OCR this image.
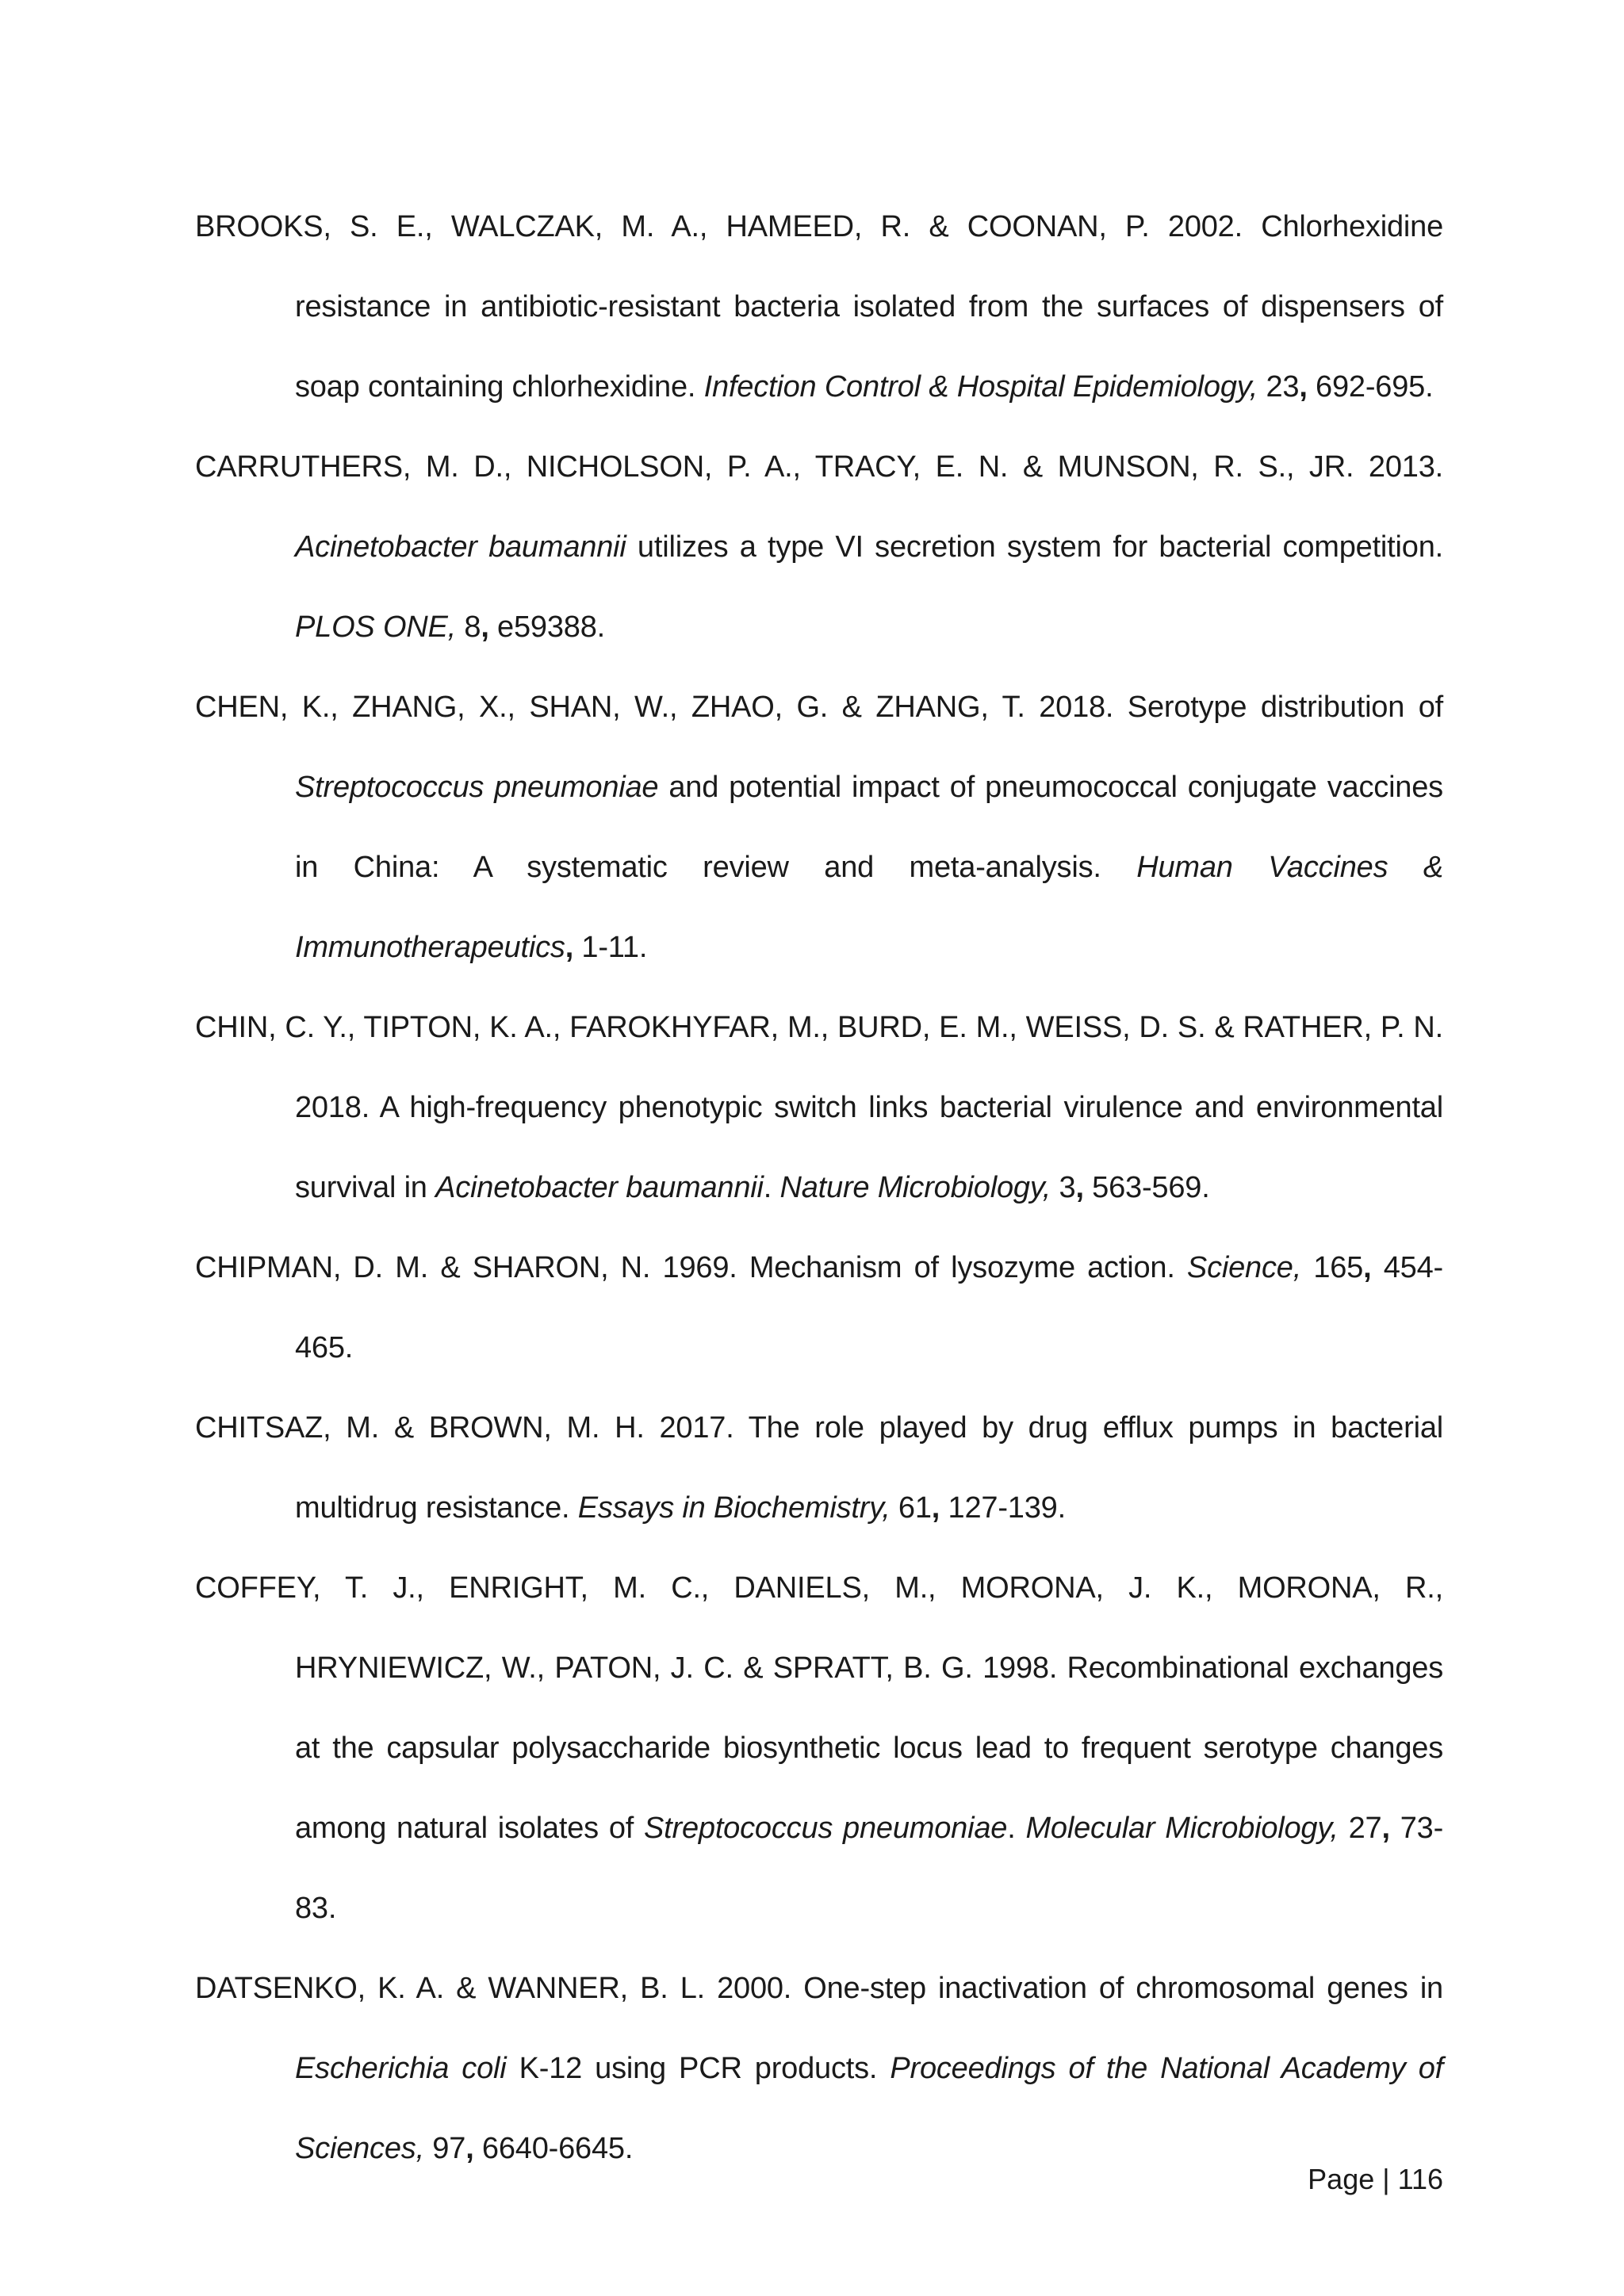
BROOKS, S. E., WALCZAK, M. A., HAMEED, R. & COONAN, P. 2002. Chlorhexidine resistance in antibiotic-resistant bacteria isolated from the surfaces of dispensers of soap containing chlorhexidine. Infection Control & Hospital Epidemiology, 23, 692-695.

CARRUTHERS, M. D., NICHOLSON, P. A., TRACY, E. N. & MUNSON, R. S., JR. 2013. Acinetobacter baumannii utilizes a type VI secretion system for bacterial competition. PLOS ONE, 8, e59388.

CHEN, K., ZHANG, X., SHAN, W., ZHAO, G. & ZHANG, T. 2018. Serotype distribution of Streptococcus pneumoniae and potential impact of pneumococcal conjugate vaccines in China: A systematic review and meta-analysis. Human Vaccines & Immunotherapeutics, 1-11.

CHIN, C. Y., TIPTON, K. A., FAROKHYFAR, M., BURD, E. M., WEISS, D. S. & RATHER, P. N. 2018. A high-frequency phenotypic switch links bacterial virulence and environmental survival in Acinetobacter baumannii. Nature Microbiology, 3, 563-569.

CHIPMAN, D. M. & SHARON, N. 1969. Mechanism of lysozyme action. Science, 165, 454-465.

CHITSAZ, M. & BROWN, M. H. 2017. The role played by drug efflux pumps in bacterial multidrug resistance. Essays in Biochemistry, 61, 127-139.

COFFEY, T. J., ENRIGHT, M. C., DANIELS, M., MORONA, J. K., MORONA, R., HRYNIEWICZ, W., PATON, J. C. & SPRATT, B. G. 1998. Recombinational exchanges at the capsular polysaccharide biosynthetic locus lead to frequent serotype changes among natural isolates of Streptococcus pneumoniae. Molecular Microbiology, 27, 73-83.

DATSENKO, K. A. & WANNER, B. L. 2000. One-step inactivation of chromosomal genes in Escherichia coli K-12 using PCR products. Proceedings of the National Academy of Sciences, 97, 6640-6645.

Page | 116
